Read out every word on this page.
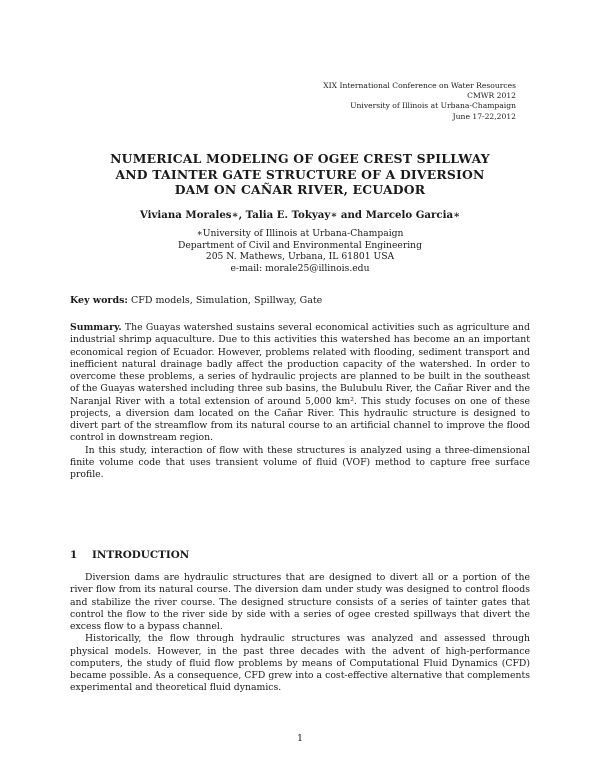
XIX International Conference on Water Resources
CMWR 2012
University of Illinois at Urbana-Champaign
June 17-22,2012
NUMERICAL MODELING OF OGEE CREST SPILLWAY
AND TAINTER GATE STRUCTURE OF A DIVERSION
DAM ON CAÑAR RIVER, ECUADOR
Viviana Morales∗, Talia E. Tokyay∗ and Marcelo Garcia∗
∗University of Illinois at Urbana-Champaign
Department of Civil and Environmental Engineering
205 N. Mathews, Urbana, IL 61801 USA
e-mail: morale25@illinois.edu
Key words: CFD models, Simulation, Spillway, Gate

Summary. The Guayas watershed sustains several economical activities such as agriculture and industrial shrimp aquaculture. Due to this activities this watershed has become an an important economical region of Ecuador. However, problems related with flooding, sediment transport and inefficient natural drainage badly affect the production capacity of the watershed. In order to overcome these problems, a series of hydraulic projects are planned to be built in the southeast of the Guayas watershed including three sub basins, the Bulubulu River, the Cañar River and the Naranjal River with a total extension of around 5,000 km². This study focuses on one of these projects, a diversion dam located on the Cañar River. This hydraulic structure is designed to divert part of the streamflow from its natural course to an artificial channel to improve the flood control in downstream region.

In this study, interaction of flow with these structures is analyzed using a three-dimensional finite volume code that uses transient volume of fluid (VOF) method to capture free surface profile.

1 INTRODUCTION

Diversion dams are hydraulic structures that are designed to divert all or a portion of the river flow from its natural course. The diversion dam under study was designed to control floods and stabilize the river course. The designed structure consists of a series of tainter gates that control the flow to the river side by side with a series of ogee crested spillways that divert the excess flow to a bypass channel.

Historically, the flow through hydraulic structures was analyzed and assessed through physical models. However, in the past three decades with the advent of high-performance computers, the study of fluid flow problems by means of Computational Fluid Dynamics (CFD) became possible. As a consequence, CFD grew into a cost-effective alternative that complements experimental and theoretical fluid dynamics.

1
